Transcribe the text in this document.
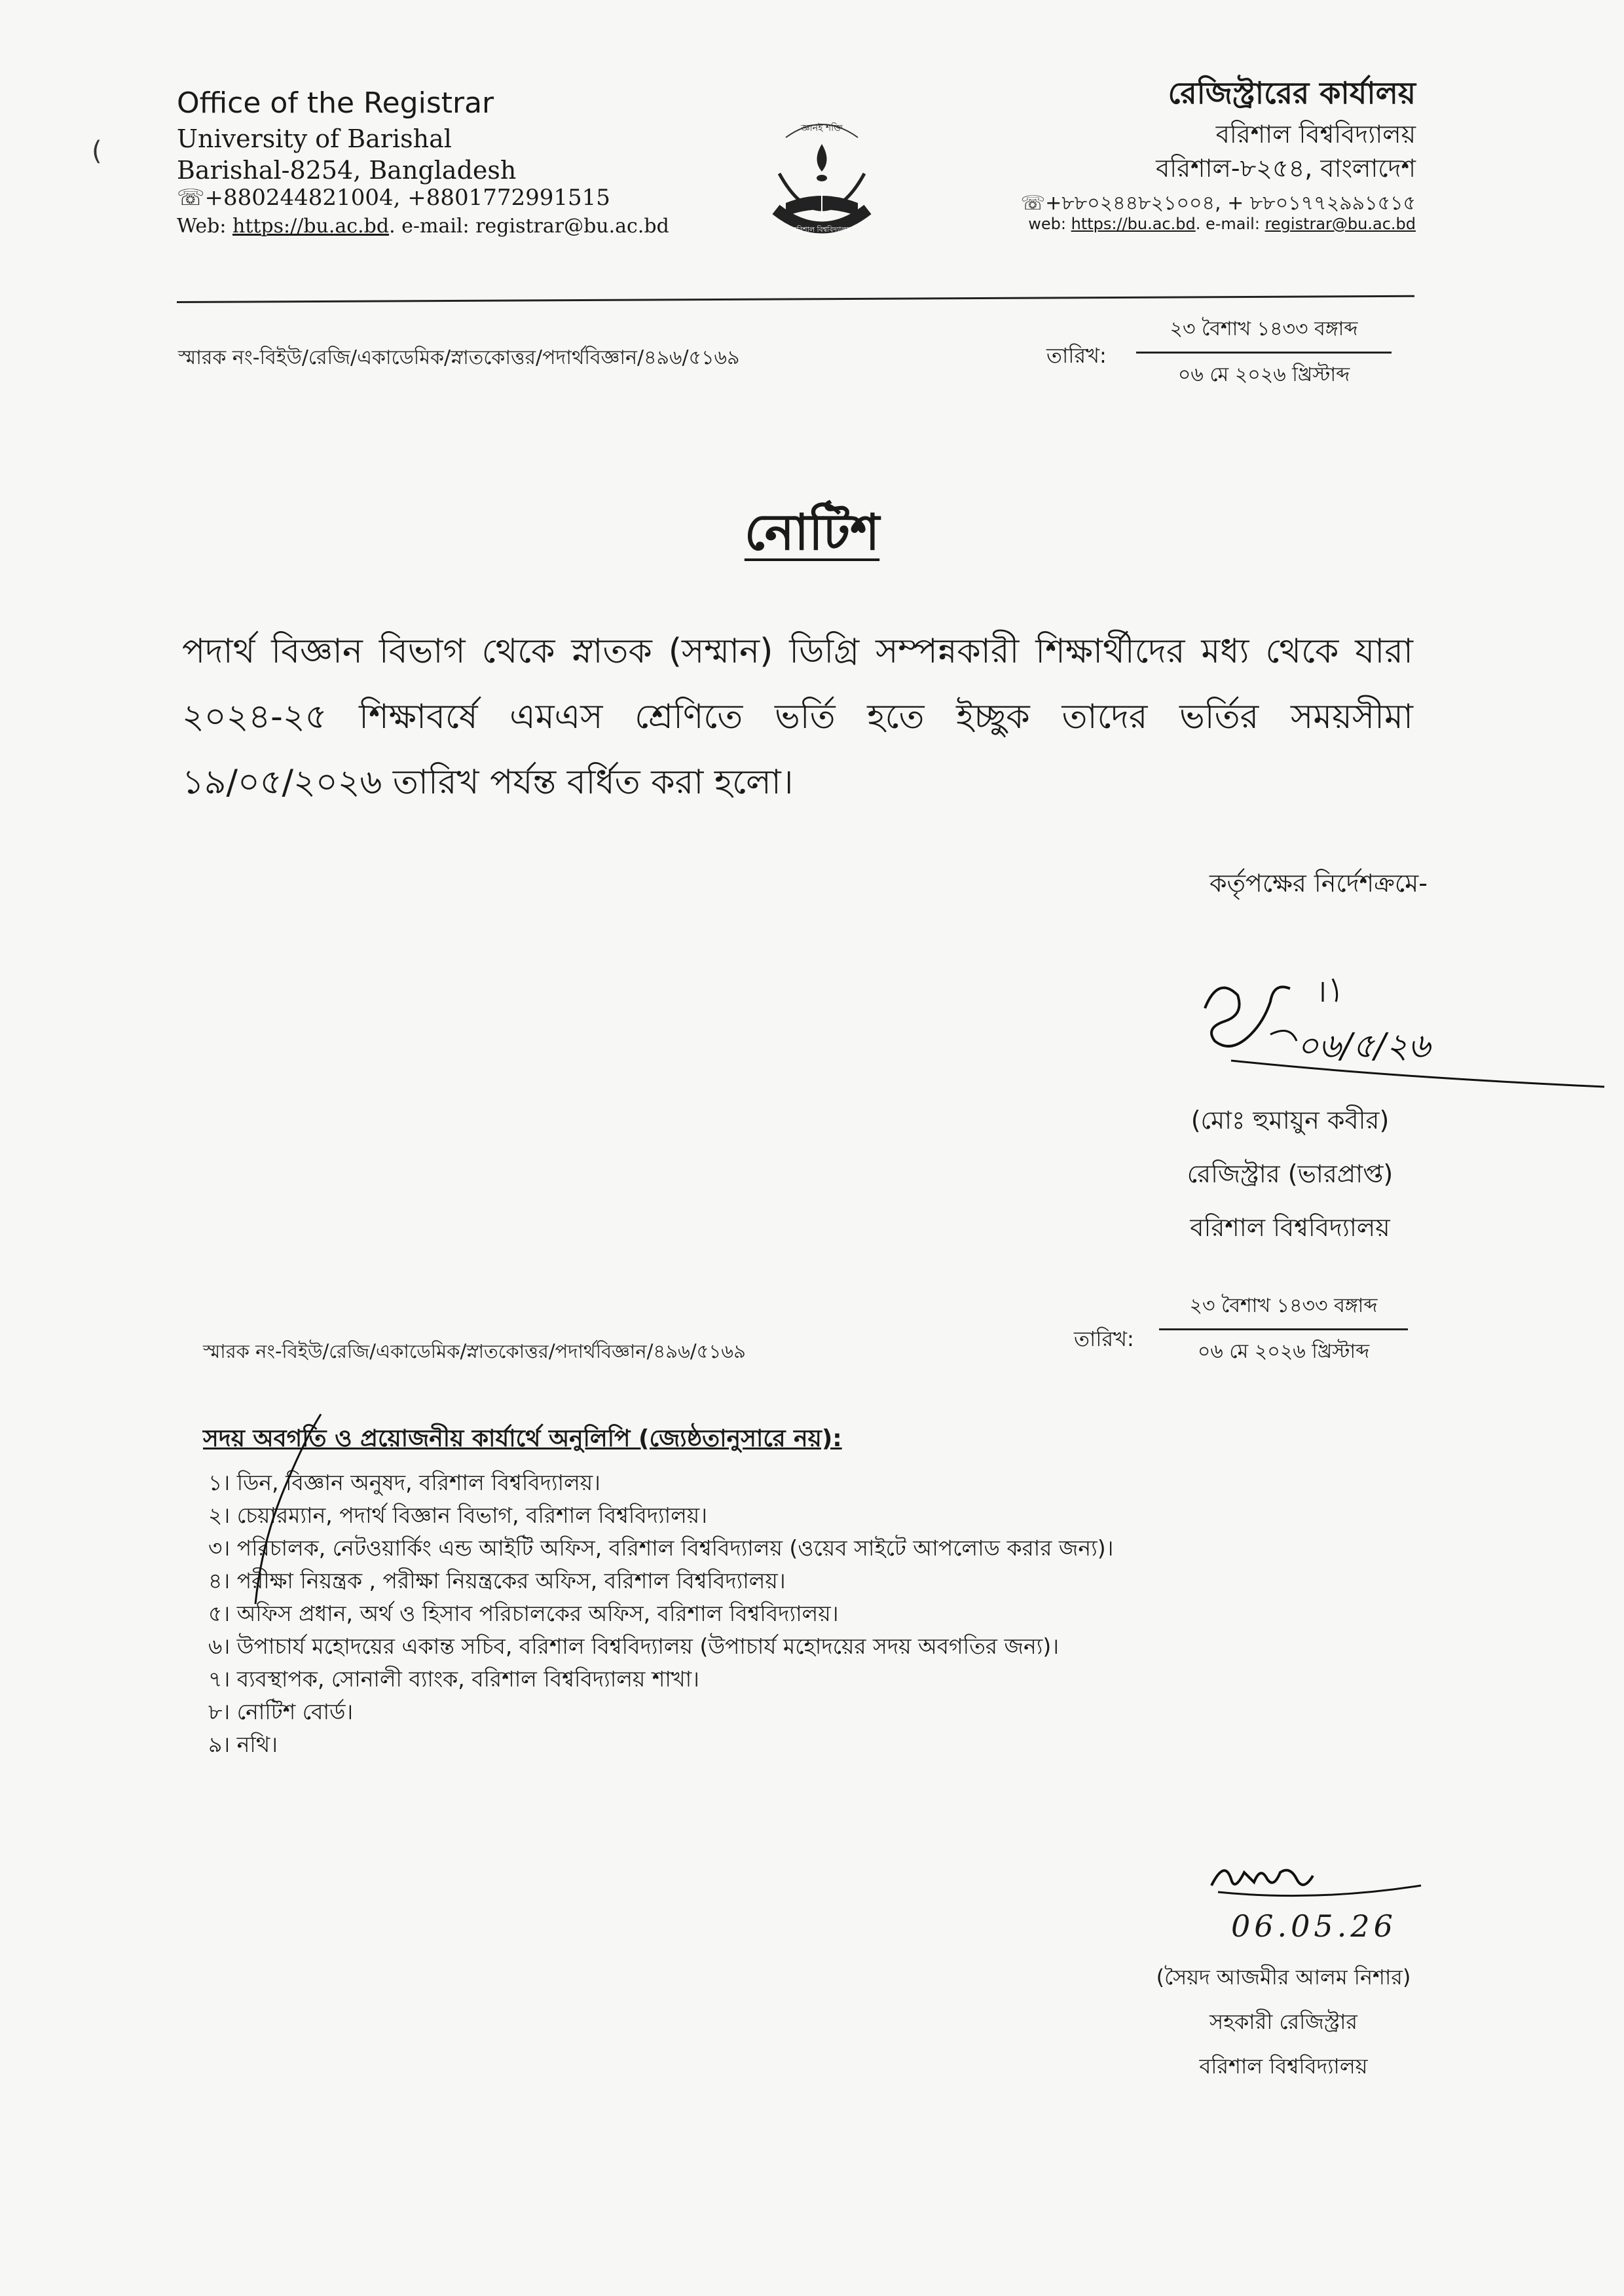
(
Office of the Registrar
University of Barishal
Barishal-8254, Bangladesh
☏+880244821004, +8801772991515
Web: https://bu.ac.bd. e-mail: registrar@bu.ac.bd
জ্ঞানই শক্তি
বরিশাল বিশ্ববিদ্যালয়
রেজিস্ট্রারের কার্যালয়
বরিশাল বিশ্ববিদ্যালয়
বরিশাল-৮২৫৪, বাংলাদেশ
☏+৮৮০২৪৪৮২১০০৪, + ৮৮০১৭৭২৯৯১৫১৫
web: https://bu.ac.bd. e-mail: registrar@bu.ac.bd
স্মারক নং-বিইউ/রেজি/একাডেমিক/স্নাতকোত্তর/পদার্থবিজ্ঞান/৪৯৬/৫১৬৯	তারিখ:
২৩ বৈশাখ ১৪৩৩ বঙ্গাব্দ
০৬ মে ২০২৬ খ্রিস্টাব্দ
নোটিশ
পদার্থ বিজ্ঞান বিভাগ থেকে স্নাতক (সম্মান) ডিগ্রি সম্পন্নকারী শিক্ষার্থীদের মধ্য থেকে যারা ২০২৪-২৫ শিক্ষাবর্ষে এমএস শ্রেণিতে ভর্তি হতে ইচ্ছুক তাদের ভর্তির সময়সীমা ১৯/০৫/২০২৬ তারিখ পর্যন্ত বর্ধিত করা হলো।
কর্তৃপক্ষের নির্দেশক্রমে-
০৬/৫/২৬
(মোঃ হুমায়ুন কবীর)
রেজিস্ট্রার (ভারপ্রাপ্ত)
বরিশাল বিশ্ববিদ্যালয়
স্মারক নং-বিইউ/রেজি/একাডেমিক/স্নাতকোত্তর/পদার্থবিজ্ঞান/৪৯৬/৫১৬৯	তারিখ:
২৩ বৈশাখ ১৪৩৩ বঙ্গাব্দ
০৬ মে ২০২৬ খ্রিস্টাব্দ
সদয় অবগতি ও প্রয়োজনীয় কার্যার্থে অনুলিপি (জ্যেষ্ঠতানুসারে নয়):
১। ডিন, বিজ্ঞান অনুষদ, বরিশাল বিশ্ববিদ্যালয়।
২। চেয়ারম্যান, পদার্থ বিজ্ঞান বিভাগ, বরিশাল বিশ্ববিদ্যালয়।
৩। পরিচালক, নেটওয়ার্কিং এন্ড আইটি অফিস, বরিশাল বিশ্ববিদ্যালয় (ওয়েব সাইটে আপলোড করার জন্য)।
৪। পরীক্ষা নিয়ন্ত্রক , পরীক্ষা নিয়ন্ত্রকের অফিস, বরিশাল বিশ্ববিদ্যালয়।
৫। অফিস প্রধান, অর্থ ও হিসাব পরিচালকের অফিস, বরিশাল বিশ্ববিদ্যালয়।
৬। উপাচার্য মহোদয়ের একান্ত সচিব, বরিশাল বিশ্ববিদ্যালয় (উপাচার্য মহোদয়ের সদয় অবগতির জন্য)।
৭। ব্যবস্থাপক, সোনালী ব্যাংক, বরিশাল বিশ্ববিদ্যালয় শাখা।
৮। নোটিশ বোর্ড।
৯। নথি।
06.05.26
(সৈয়দ আজমীর আলম নিশার)
সহকারী রেজিস্ট্রার
বরিশাল বিশ্ববিদ্যালয়
